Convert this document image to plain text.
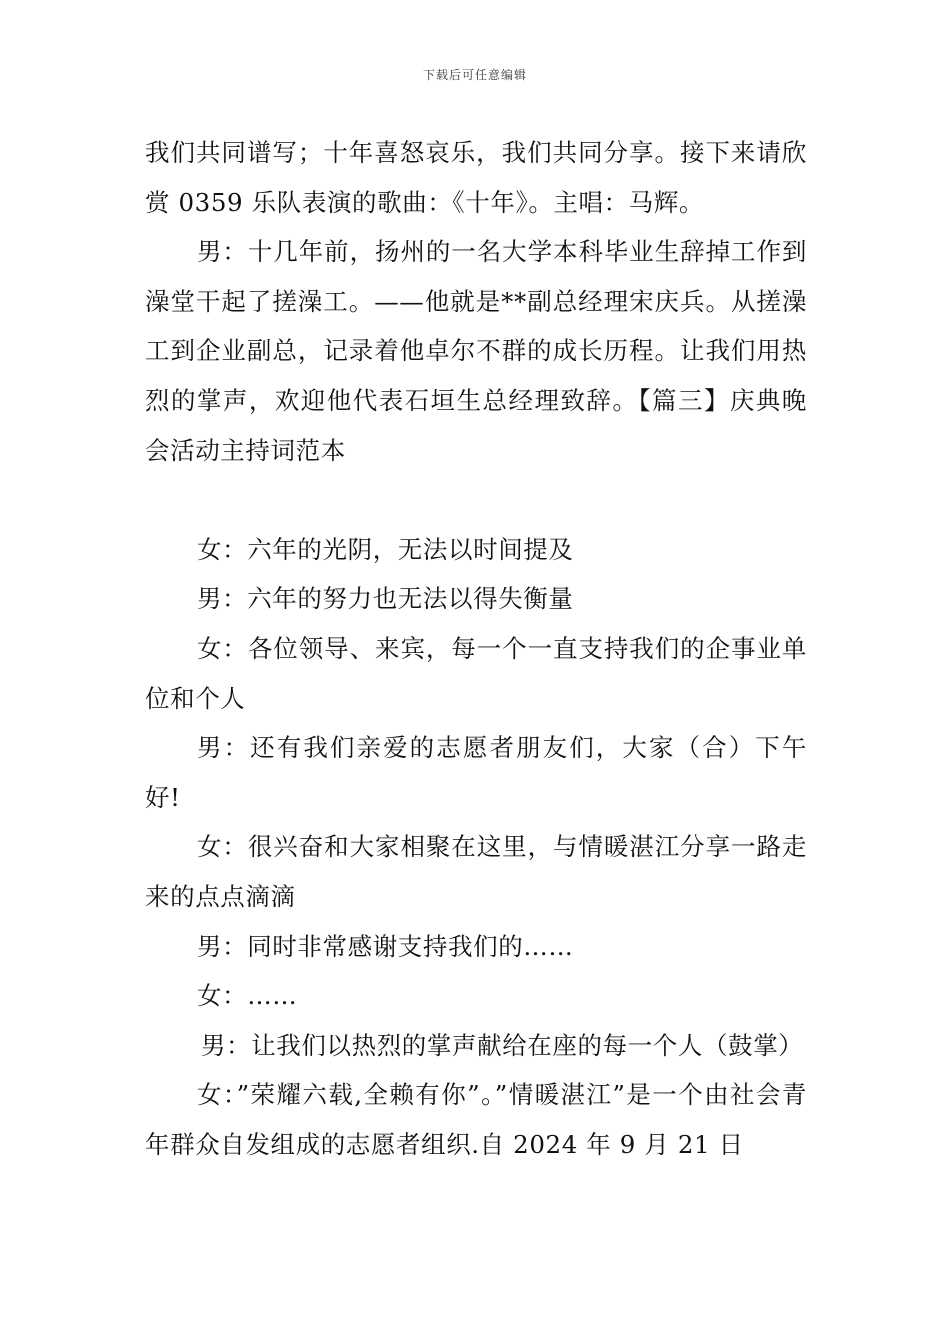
下载后可任意编辑

我们共同谱写；十年喜怒哀乐，我们共同分享。接下来请欣赏 0359 乐队表演的歌曲：《十年》。主唱：马辉。

男：十几年前，扬州的一名大学本科毕业生辞掉工作到澡堂干起了搓澡工。——他就是**副总经理宋庆兵。从搓澡工到企业副总，记录着他卓尔不群的成长历程。让我们用热烈的掌声，欢迎他代表石垣生总经理致辞。【篇三】庆典晚会活动主持词范本

女：六年的光阴，无法以时间提及

男：六年的努力也无法以得失衡量

女：各位领导、来宾，每一个一直支持我们的企事业单位和个人

男：还有我们亲爱的志愿者朋友们，大家（合）下午好!

女：很兴奋和大家相聚在这里，与情暖湛江分享一路走来的点点滴滴

男：同时非常感谢支持我们的……

女：……

男：让我们以热烈的掌声献给在座的每一个人（鼓掌）

女：”荣耀六载,全赖有你”。”情暖湛江”是一个由社会青年群众自发组成的志愿者组织.自 2024 年 9 月 21 日
